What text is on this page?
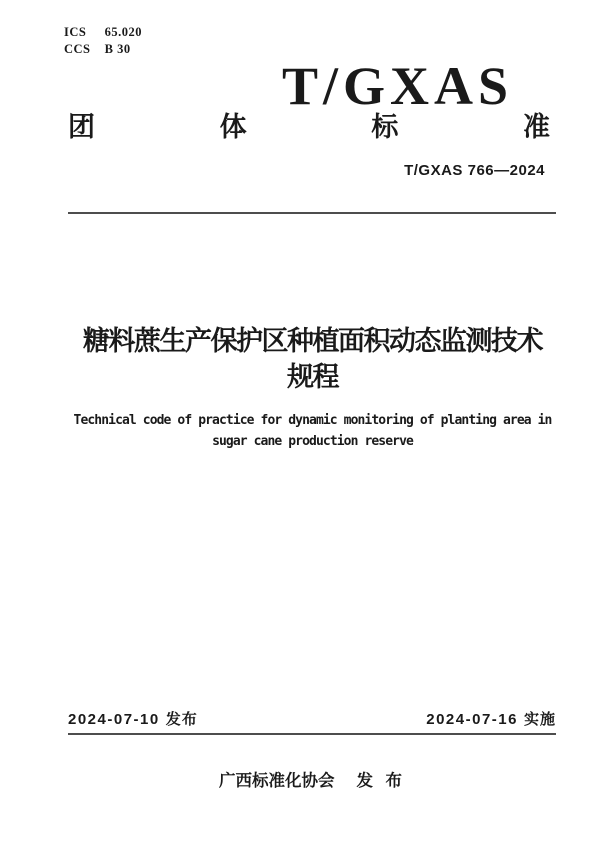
ICS 65.020
CCS B 30
T/GXAS
团	体	标	准
T/GXAS 766—2024
糖料蔗生产保护区种植面积动态监测技术
规程
Technical code of practice for dynamic monitoring of planting area in
sugar cane production reserve
2024-07-10 发布	2024-07-16 实施
广西标准化协会 发 布
